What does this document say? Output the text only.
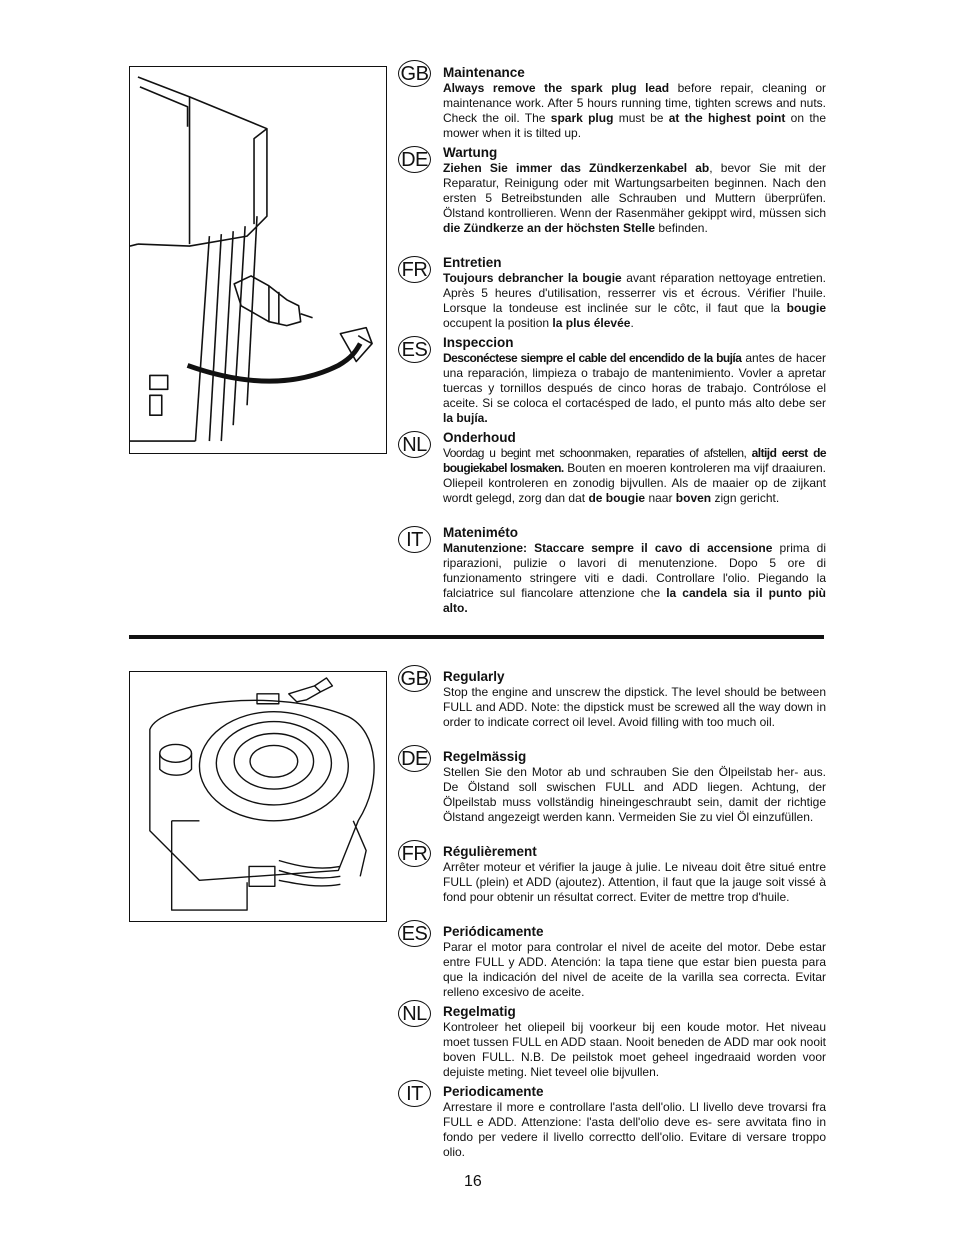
GB Maintenance

Always remove the spark plug lead before repair, cleaning or maintenance work. After 5 hours running time, tighten screws and nuts. Check the oil. The spark plug must be at the highest point on the mower when it is tilted up.

DE Wartung

Ziehen Sie immer das Zündkerzenkabel ab, bevor Sie mit der Reparatur, Reinigung oder mit Wartungsarbeiten beginnen. Nach den ersten 5 Betreibstunden alle Schrauben und Muttern überprüfen. Ölstand kontrollieren. Wenn der Rasenmäher gekippt wird, müssen sich die Zündkerze an der höchsten Stelle befinden.

FR Entretien

Toujours debrancher la bougie avant réparation nettoyage entretien. Après 5 heures d'utilisation, resserrer vis et écrous. Vérifier l'huile. Lorsque la tondeuse est inclinée sur le côtc, il faut que la bougie occupent la position la plus élevée.

ES Inspeccion

Desconéctese siempre el cable del encendido de la bujía antes de hacer una reparación, limpieza o trabajo de mantenimiento. Vovler a apretar tuercas y tornillos después de cinco horas de trabajo. Contrólose el aceite. Si se coloca el cortacésped de lado, el punto más alto debe ser la bujía.

NL	Onderhoud

Voordag u begint met schoonmaken, reparaties of afstellen, altijd eerst de bougiekabel losmaken. Bouten en moeren kontroleren ma vijf draaiuren. Oliepeil kontroleren en zonodig bijvullen. Als de maaier op de zijkant wordt gelegd, zorg dan dat de bougie naar boven zign gericht.

IT	Mateniméto

Manutenzione: Staccare sempre il cavo di accensione prima di riparazioni, pulizie o lavori di menutenzione. Dopo 5 ore di funzionamento stringere viti e dadi. Controllare l'olio. Piegando la falciatrice sul fiancolare attenzione che la candela sia il punto più alto.

GB Regularly

Stop the engine and unscrew the dipstick. The level should be between FULL and ADD. Note: the dipstick must be screwed all the way down in order to indicate correct oil level. Avoid filling with too much oil.

DE Regelmässig

Stellen Sie den Motor ab und schrauben Sie den Ölpeilstab her- aus. De Ölstand soll swischen FULL and ADD liegen. Achtung, der Ölpeilstab muss vollständig hineingeschraubt sein, damit der richtige Ölstand angezeigt werden kann. Vermeiden Sie zu viel Öl einzufüllen.

FR Régulièrement

Arrêter moteur et vérifier la jauge à julie. Le niveau doit être situé entre FULL (plein) et ADD (ajoutez). Attention, il faut que la jauge soit vissé à fond pour obtenir un résultat correct. Eviter de mettre trop d'huile.

ES Periódicamente

Parar el motor para controlar el nivel de aceite del motor. Debe estar entre FULL y ADD. Atención: la tapa tiene que estar bien puesta para que la indicación del nivel de aceite de la varilla sea correcta. Evitar relleno excesivo de aceite.

NL	Regelmatig

Kontroleer het oliepeil bij voorkeur bij een koude motor. Het niveau moet tussen FULL en ADD staan. Nooit beneden de ADD mar ook nooit boven FULL. N.B. De peilstok moet geheel ingedraaid worden voor dejuiste meting. Niet teveel olie bijvullen.

IT	Periodicamente

Arrestare il more e controllare l'asta dell'olio. Ll livello deve trovarsi fra FULL e ADD. Attenzione: l'asta dell'olio deve es- sere avvitata fino in fondo per vedere il livello correctto dell'olio. Evitare di versare troppo olio.

16
